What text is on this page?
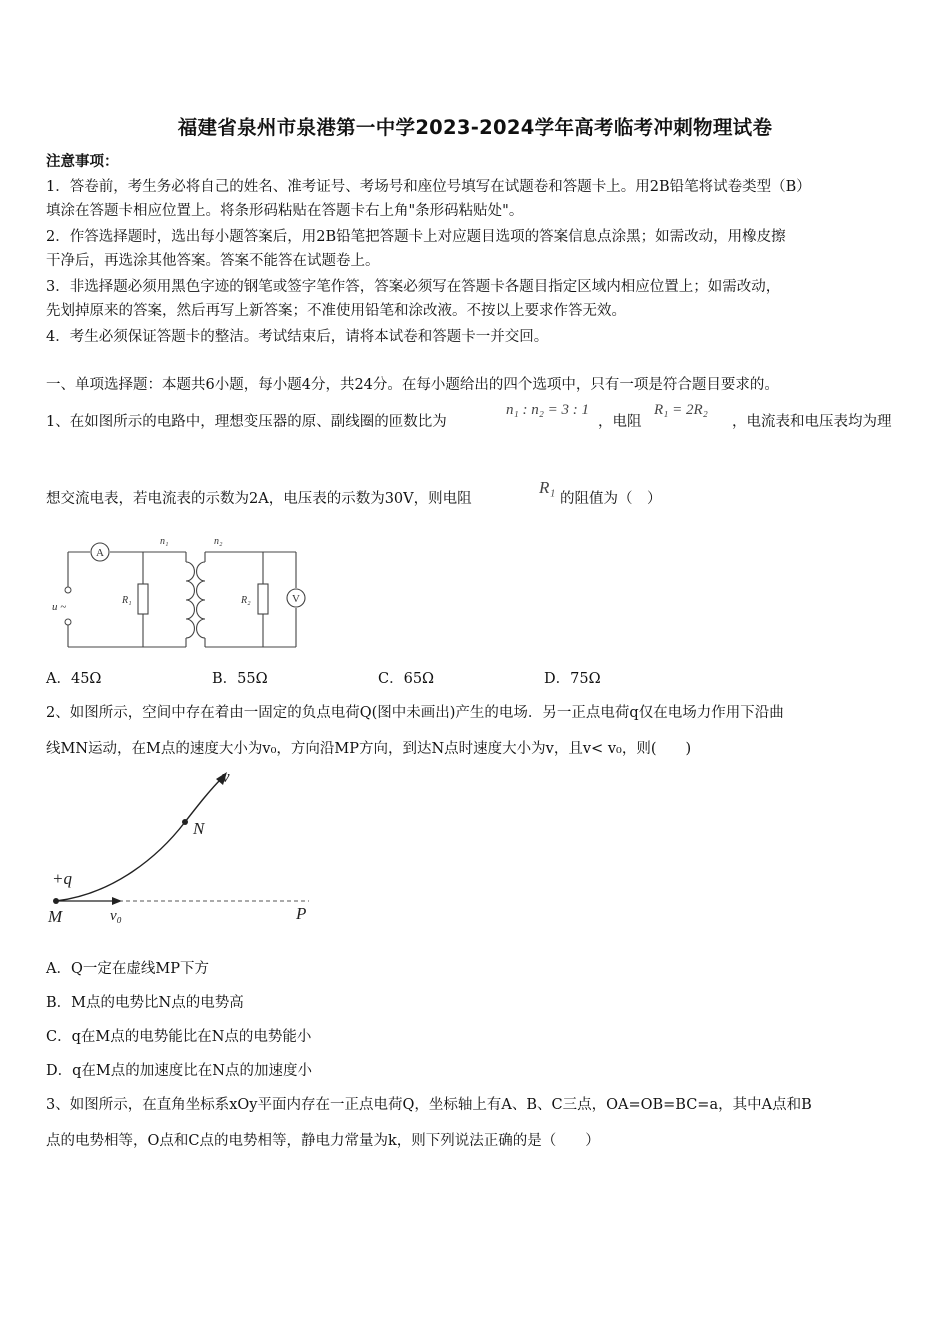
福建省泉州市泉港第一中学2023-2024学年高考临考冲刺物理试卷
注意事项：
1．答卷前，考生务必将自己的姓名、准考证号、考场号和座位号填写在试题卷和答题卡上。用2B铅笔将试卷类型（B）
填涂在答题卡相应位置上。将条形码粘贴在答题卡右上角"条形码粘贴处"。
2．作答选择题时，选出每小题答案后，用2B铅笔把答题卡上对应题目选项的答案信息点涂黑；如需改动，用橡皮擦
干净后，再选涂其他答案。答案不能答在试题卷上。
3．非选择题必须用黑色字迹的钢笔或签字笔作答，答案必须写在答题卡各题目指定区域内相应位置上；如需改动，
先划掉原来的答案，然后再写上新答案；不准使用铅笔和涂改液。不按以上要求作答无效。
4．考生必须保证答题卡的整洁。考试结束后，请将本试卷和答题卡一并交回。
一、单项选择题：本题共6小题，每小题4分，共24分。在每小题给出的四个选项中，只有一项是符合题目要求的。
1、在如图所示的电路中，理想变压器的原、副线圈的匝数比为
n₁ : n₂ = 3 : 1
，电阻
R₁ = 2R₂
，电流表和电压表均为理
想交流电表，若电流表的示数为2A，电压表的示数为30V，则电阻
R₁
的阻值为（　）
A
V
u ~
n₁	n₂
R₁	R₂
A．45Ω	B．55Ω	C．65Ω	D．75Ω
2、如图所示，空间中存在着由一固定的负点电荷Q(图中未画出)产生的电场．另一正点电荷q仅在电场力作用下沿曲
线MN运动，在M点的速度大小为v₀，方向沿MP方向，到达N点时速度大小为v，且v< v₀，则(　　)
v
N
+q
M	v₀	P
A．Q一定在虚线MP下方
B．M点的电势比N点的电势高
C．q在M点的电势能比在N点的电势能小
D．q在M点的加速度比在N点的加速度小
3、如图所示，在直角坐标系xOy平面内存在一正点电荷Q，坐标轴上有A、B、C三点，OA=OB=BC=a，其中A点和B
点的电势相等，O点和C点的电势相等，静电力常量为k，则下列说法正确的是（　　）
